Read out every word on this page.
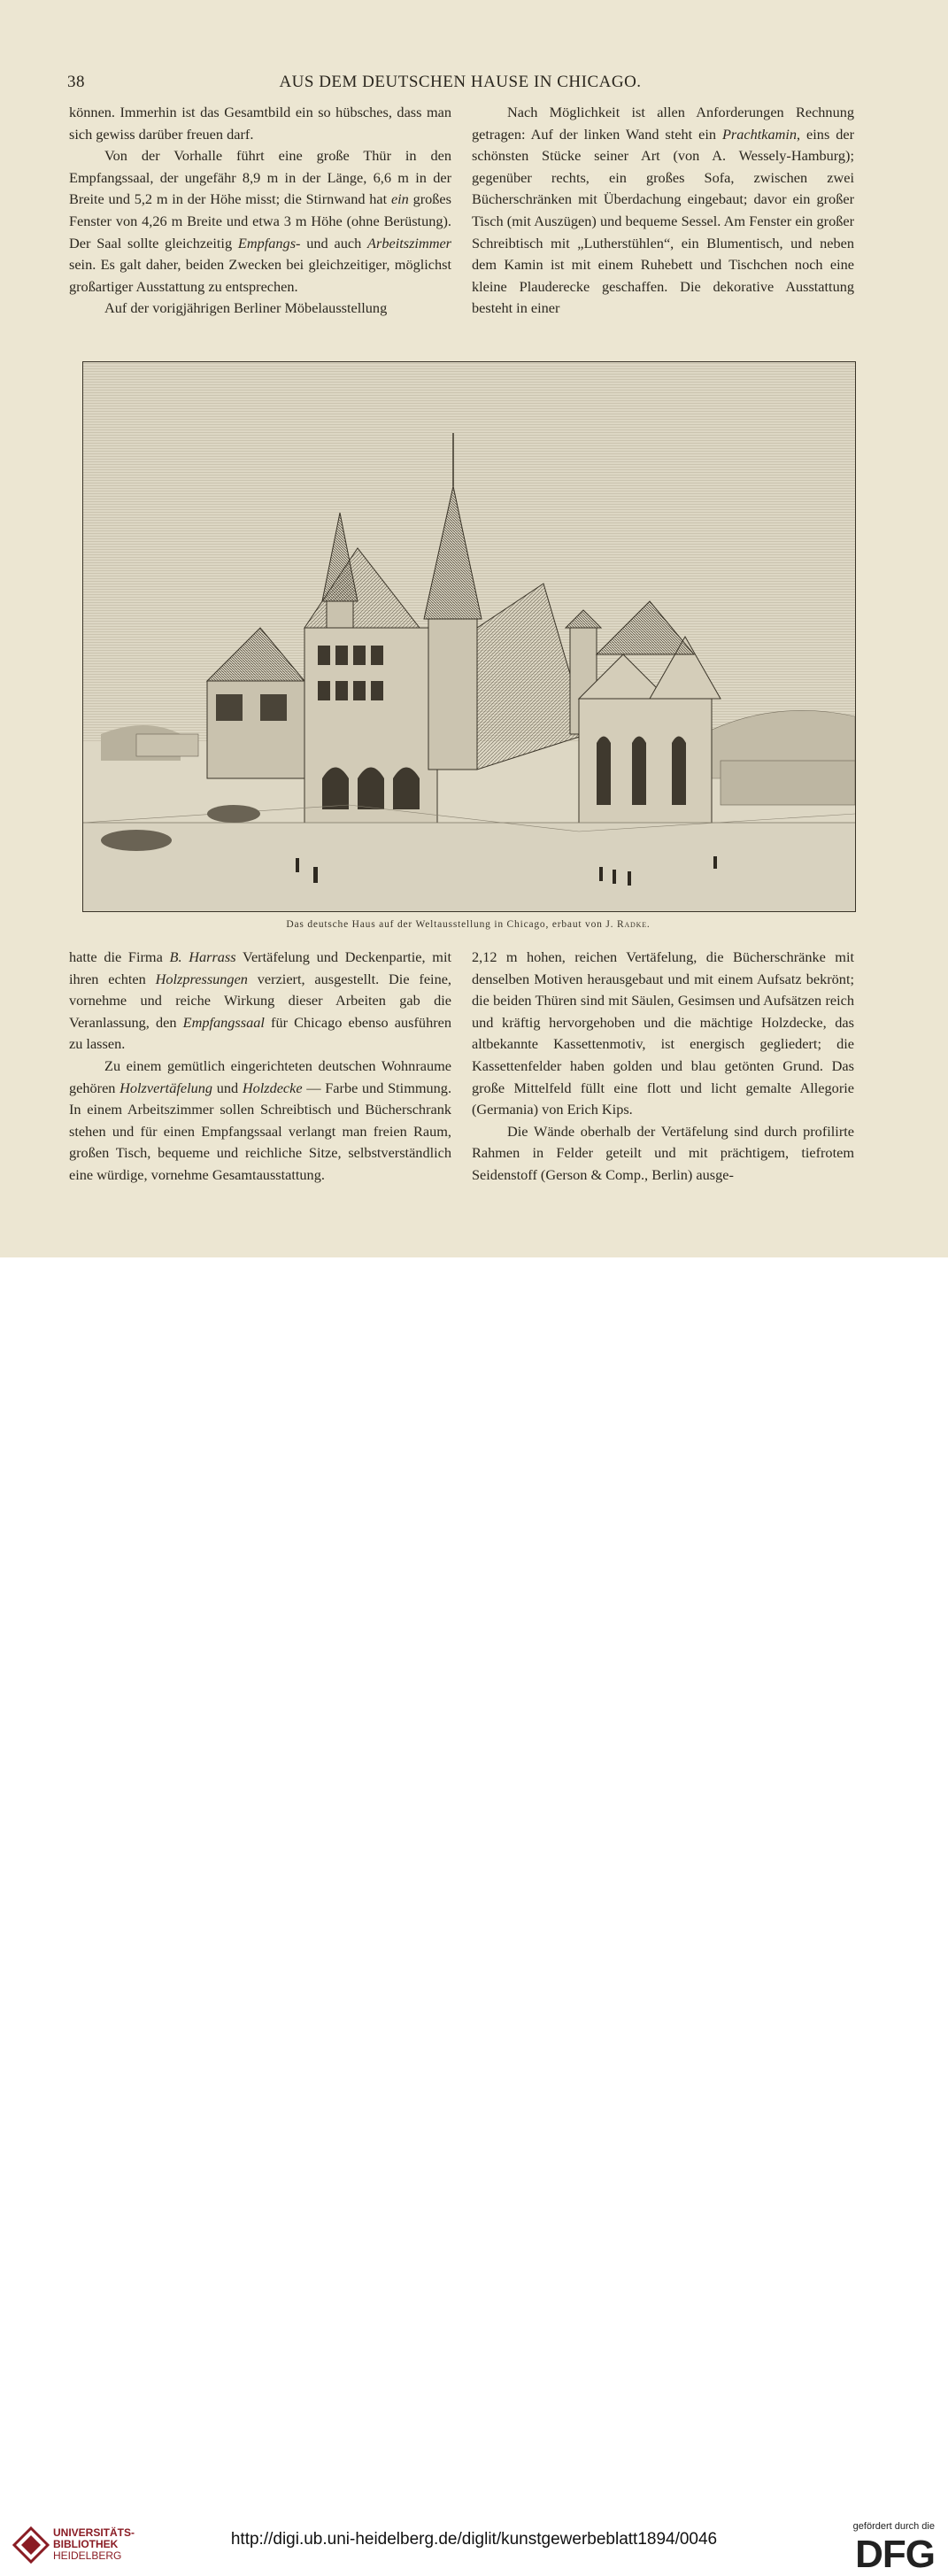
38	AUS DEM DEUTSCHEN HAUSE IN CHICAGO.

können. Immerhin ist das Gesamtbild ein so hübsches, dass man sich gewiss darüber freuen darf.

Von der Vorhalle führt eine große Thür in den Empfangssaal, der ungefähr 8,9 m in der Länge, 6,6 m in der Breite und 5,2 m in der Höhe misst; die Stirnwand hat ein großes Fenster von 4,26 m Breite und etwa 3 m Höhe (ohne Berüstung). Der Saal sollte gleichzeitig Empfangs- und auch Arbeitszimmer sein. Es galt daher, beiden Zwecken bei gleichzeitiger, möglichst großartiger Ausstattung zu entsprechen.

Auf der vorigjährigen Berliner Möbelausstellung

Nach Möglichkeit ist allen Anforderungen Rechnung getragen: Auf der linken Wand steht ein Prachtkamin, eins der schönsten Stücke seiner Art (von A. Wessely-Hamburg); gegenüber rechts, ein großes Sofa, zwischen zwei Bücherschränken mit Überdachung eingebaut; davor ein großer Tisch (mit Auszügen) und bequeme Sessel. Am Fenster ein großer Schreibtisch mit „Lutherstühlen“, ein Blumentisch, und neben dem Kamin ist mit einem Ruhebett und Tischchen noch eine kleine Plauderecke geschaffen. Die dekorative Ausstattung besteht in einer

Das deutsche Haus auf der Weltausstellung in Chicago, erbaut von J. Radke.

hatte die Firma B. Harrass Vertäfelung und Deckenpartie, mit ihren echten Holzpressungen verziert, ausgestellt. Die feine, vornehme und reiche Wirkung dieser Arbeiten gab die Veranlassung, den Empfangssaal für Chicago ebenso ausführen zu lassen.

Zu einem gemütlich eingerichteten deutschen Wohnraume gehören Holzvertäfelung und Holzdecke — Farbe und Stimmung. In einem Arbeitszimmer sollen Schreibtisch und Bücherschrank stehen und für einen Empfangssaal verlangt man freien Raum, großen Tisch, bequeme und reichliche Sitze, selbstverständlich eine würdige, vornehme Gesamtausstattung.

2,12 m hohen, reichen Vertäfelung, die Bücherschränke mit denselben Motiven herausgebaut und mit einem Aufsatz bekrönt; die beiden Thüren sind mit Säulen, Gesimsen und Aufsätzen reich und kräftig hervorgehoben und die mächtige Holzdecke, das altbekannte Kassettenmotiv, ist energisch gegliedert; die Kassettenfelder haben golden und blau getönten Grund. Das große Mittelfeld füllt eine flott und licht gemalte Allegorie (Germania) von Erich Kips.

Die Wände oberhalb der Vertäfelung sind durch profilirte Rahmen in Felder geteilt und mit prächtigem, tiefrotem Seidenstoff (Gerson & Comp., Berlin) ausge-

UNIVERSITÄTS-
BIBLIOTHEK
HEIDELBERG
http://digi.ub.uni-heidelberg.de/diglit/kunstgewerbeblatt1894/0046
gefördert durch die
DFG
